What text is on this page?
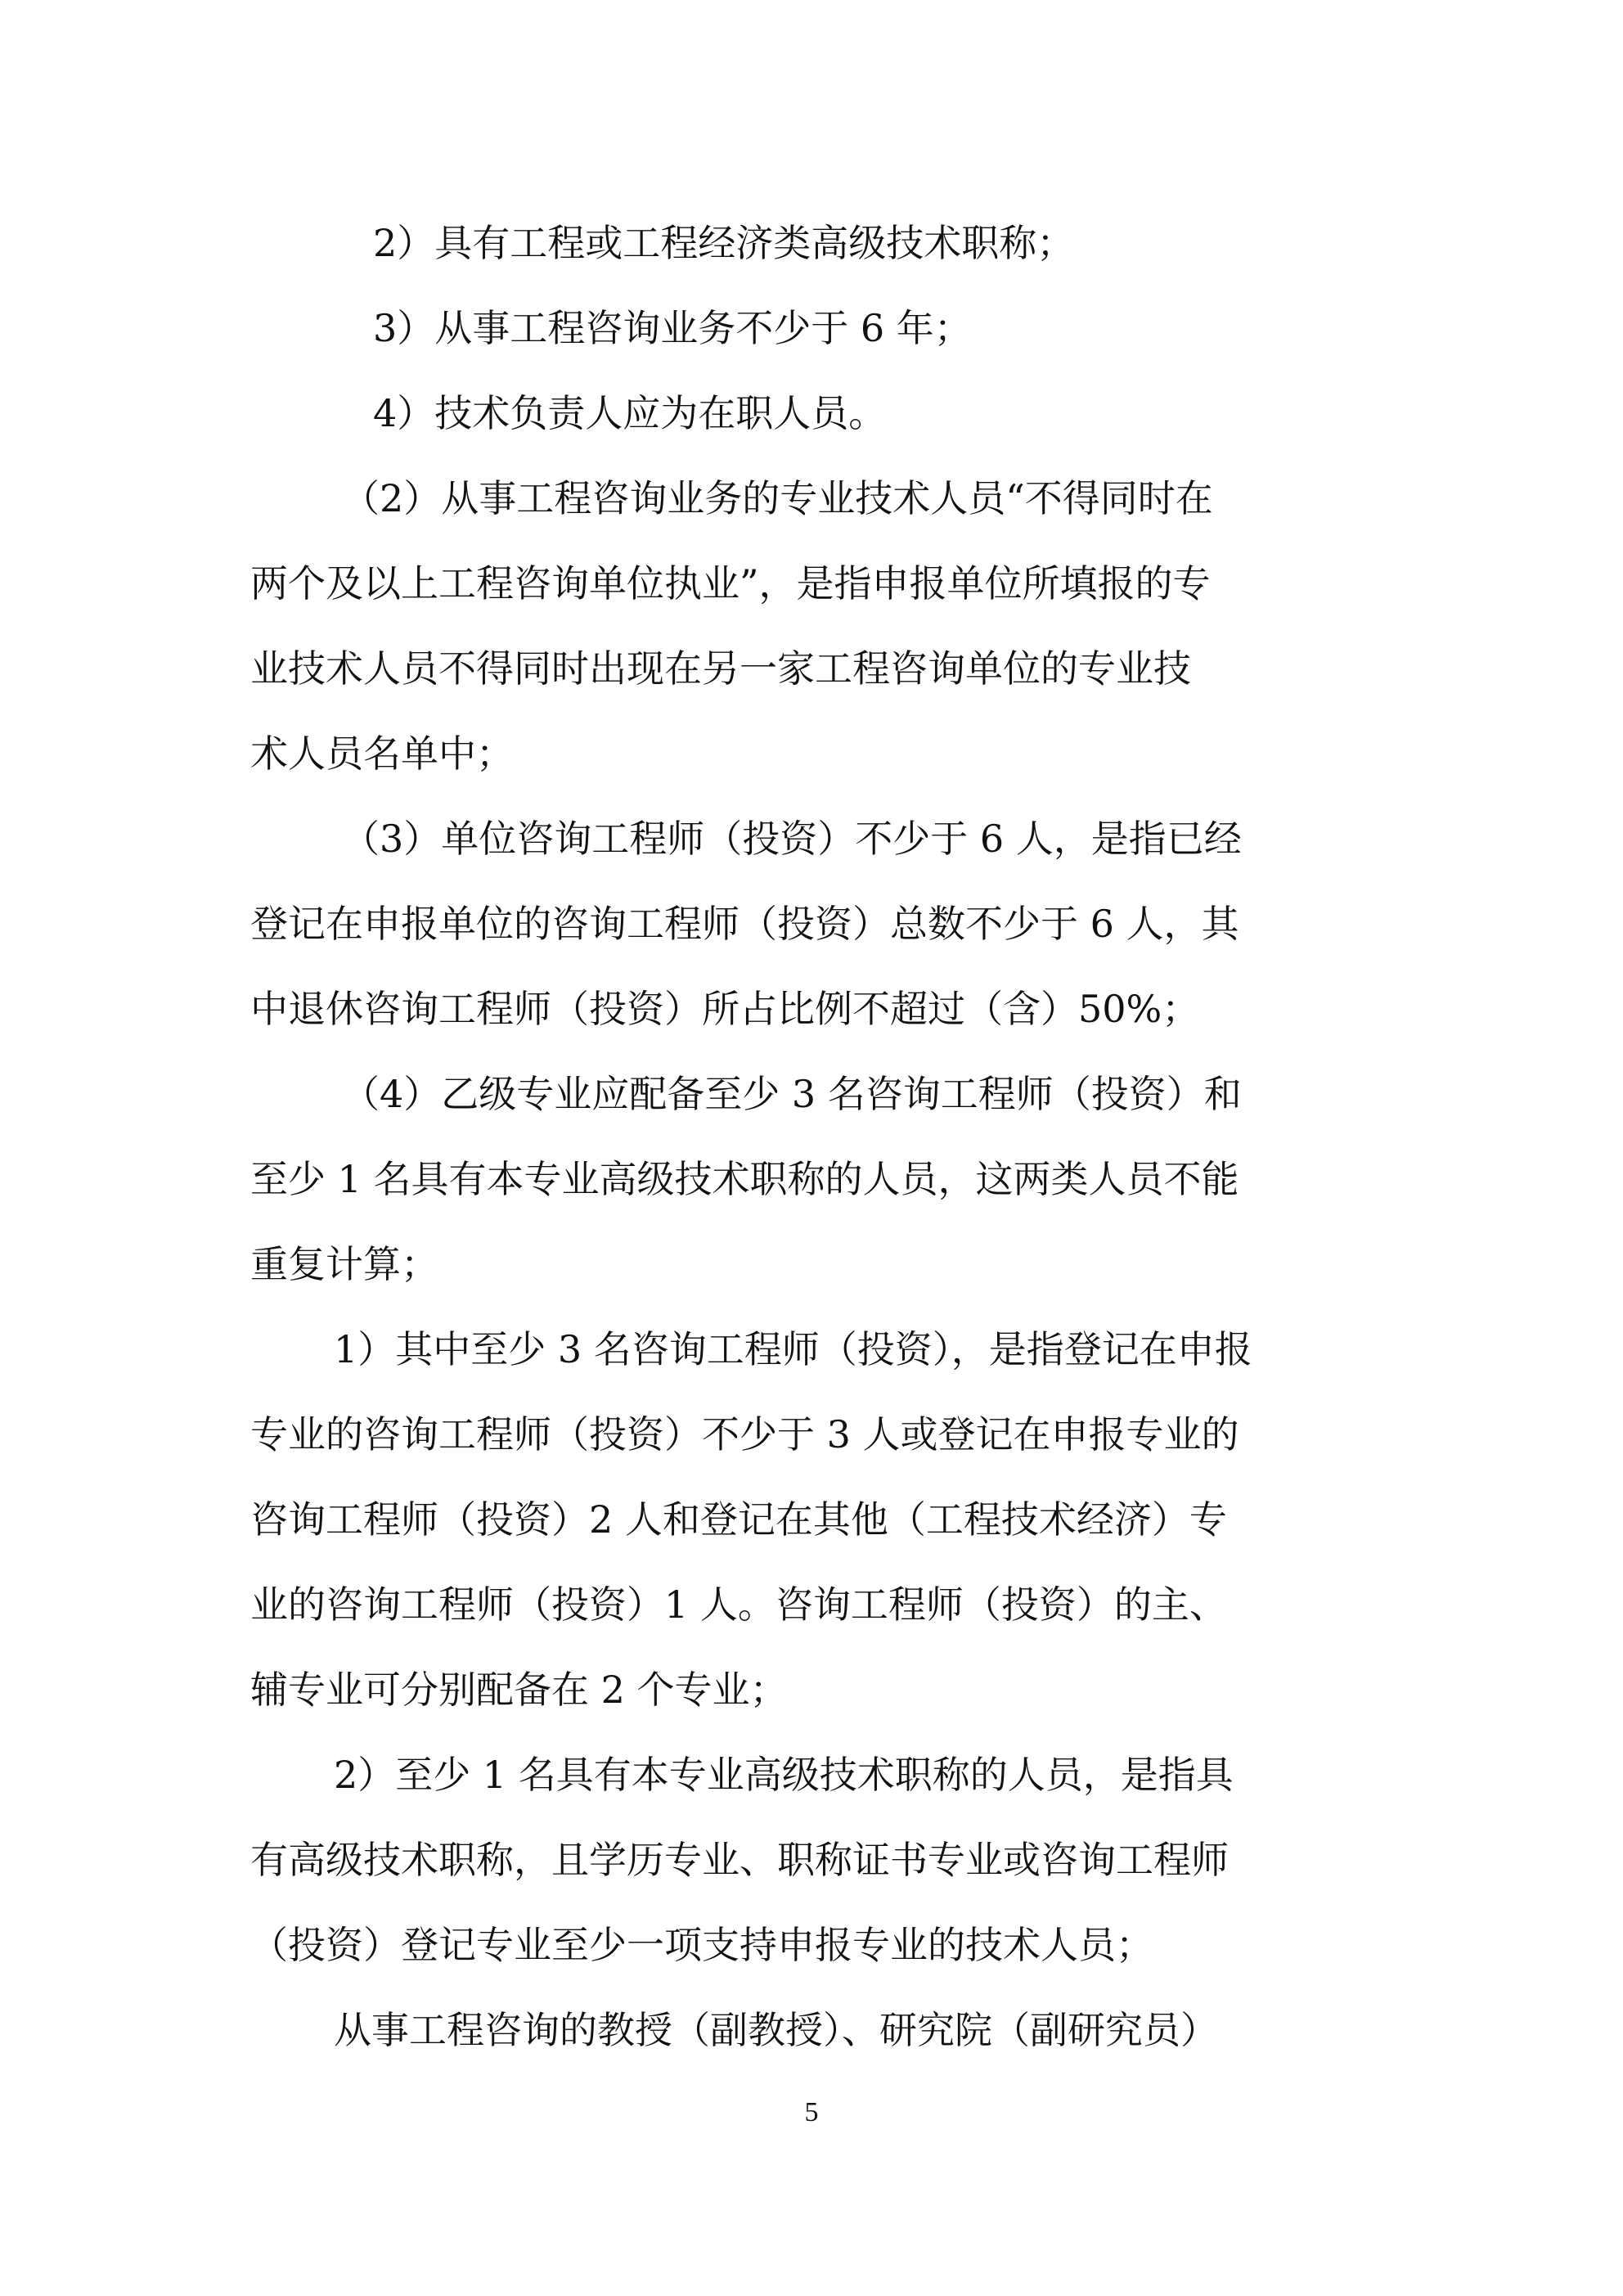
2）具有工程或工程经济类高级技术职称；
3）从事工程咨询业务不少于 6 年；
4）技术负责人应为在职人员。
（2）从事工程咨询业务的专业技术人员“不得同时在
两个及以上工程咨询单位执业”，是指申报单位所填报的专
业技术人员不得同时出现在另一家工程咨询单位的专业技
术人员名单中；
（3）单位咨询工程师（投资）不少于 6 人，是指已经
登记在申报单位的咨询工程师（投资）总数不少于 6 人，其
中退休咨询工程师（投资）所占比例不超过（含）50%；
（4）乙级专业应配备至少 3 名咨询工程师（投资）和
至少 1 名具有本专业高级技术职称的人员，这两类人员不能
重复计算；
1）其中至少 3 名咨询工程师（投资），是指登记在申报
专业的咨询工程师（投资）不少于 3 人或登记在申报专业的
咨询工程师（投资）2 人和登记在其他（工程技术经济）专
业的咨询工程师（投资）1 人。咨询工程师（投资）的主、
辅专业可分别配备在 2 个专业；
2）至少 1 名具有本专业高级技术职称的人员，是指具
有高级技术职称，且学历专业、职称证书专业或咨询工程师
（投资）登记专业至少一项支持申报专业的技术人员；
从事工程咨询的教授（副教授）、研究院（副研究员）
5
